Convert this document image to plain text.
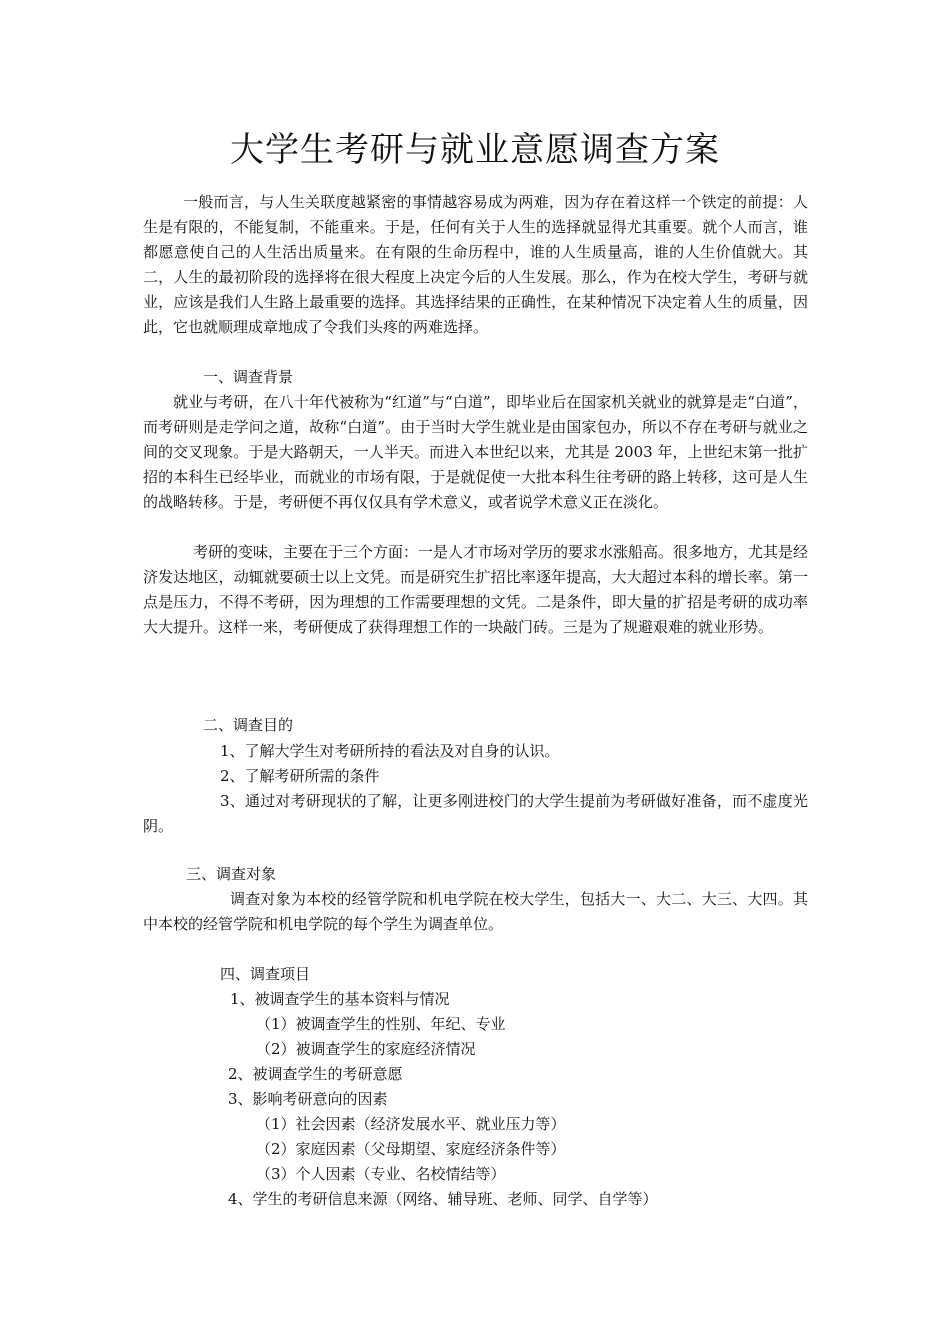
大学生考研与就业意愿调查方案

一般而言，与人生关联度越紧密的事情越容易成为两难，因为存在着这样一个铁定的前提：人生是有限的，不能复制，不能重来。于是，任何有关于人生的选择就显得尤其重要。就个人而言，谁都愿意使自己的人生活出质量来。在有限的生命历程中，谁的人生质量高，谁的人生价值就大。其二，人生的最初阶段的选择将在很大程度上决定今后的人生发展。那么，作为在校大学生，考研与就业，应该是我们人生路上最重要的选择。其选择结果的正确性，在某种情况下决定着人生的质量，因此，它也就顺理成章地成了令我们头疼的两难选择。

一、调查背景

就业与考研，在八十年代被称为“红道”与“白道”，即毕业后在国家机关就业的就算是走“白道”，而考研则是走学问之道，故称“白道”。由于当时大学生就业是由国家包办，所以不存在考研与就业之间的交叉现象。于是大路朝天，一人半天。而进入本世纪以来，尤其是 2003 年，上世纪末第一批扩招的本科生已经毕业，而就业的市场有限，于是就促使一大批本科生往考研的路上转移，这可是人生的战略转移。于是，考研便不再仅仅具有学术意义，或者说学术意义正在淡化。

考研的变味，主要在于三个方面：一是人才市场对学历的要求水涨船高。很多地方，尤其是经济发达地区，动辄就要硕士以上文凭。而是研究生扩招比率逐年提高，大大超过本科的增长率。第一点是压力，不得不考研，因为理想的工作需要理想的文凭。二是条件，即大量的扩招是考研的成功率大大提升。这样一来，考研便成了获得理想工作的一块敲门砖。三是为了规避艰难的就业形势。

二、调查目的
1、了解大学生对考研所持的看法及对自身的认识。
2、了解考研所需的条件

3、通过对考研现状的了解，让更多刚进校门的大学生提前为考研做好准备，而不虚度光阴。

三、调查对象

调查对象为本校的经管学院和机电学院在校大学生，包括大一、大二、大三、大四。其中本校的经管学院和机电学院的每个学生为调查单位。

四、调查项目
1、被调查学生的基本资料与情况
（1）被调查学生的性别、年纪、专业
（2）被调查学生的家庭经济情况
2、被调查学生的考研意愿
3、影响考研意向的因素
（1）社会因素（经济发展水平、就业压力等）
（2）家庭因素（父母期望、家庭经济条件等）
（3）个人因素（专业、名校情结等）
4、学生的考研信息来源（网络、辅导班、老师、同学、自学等）
